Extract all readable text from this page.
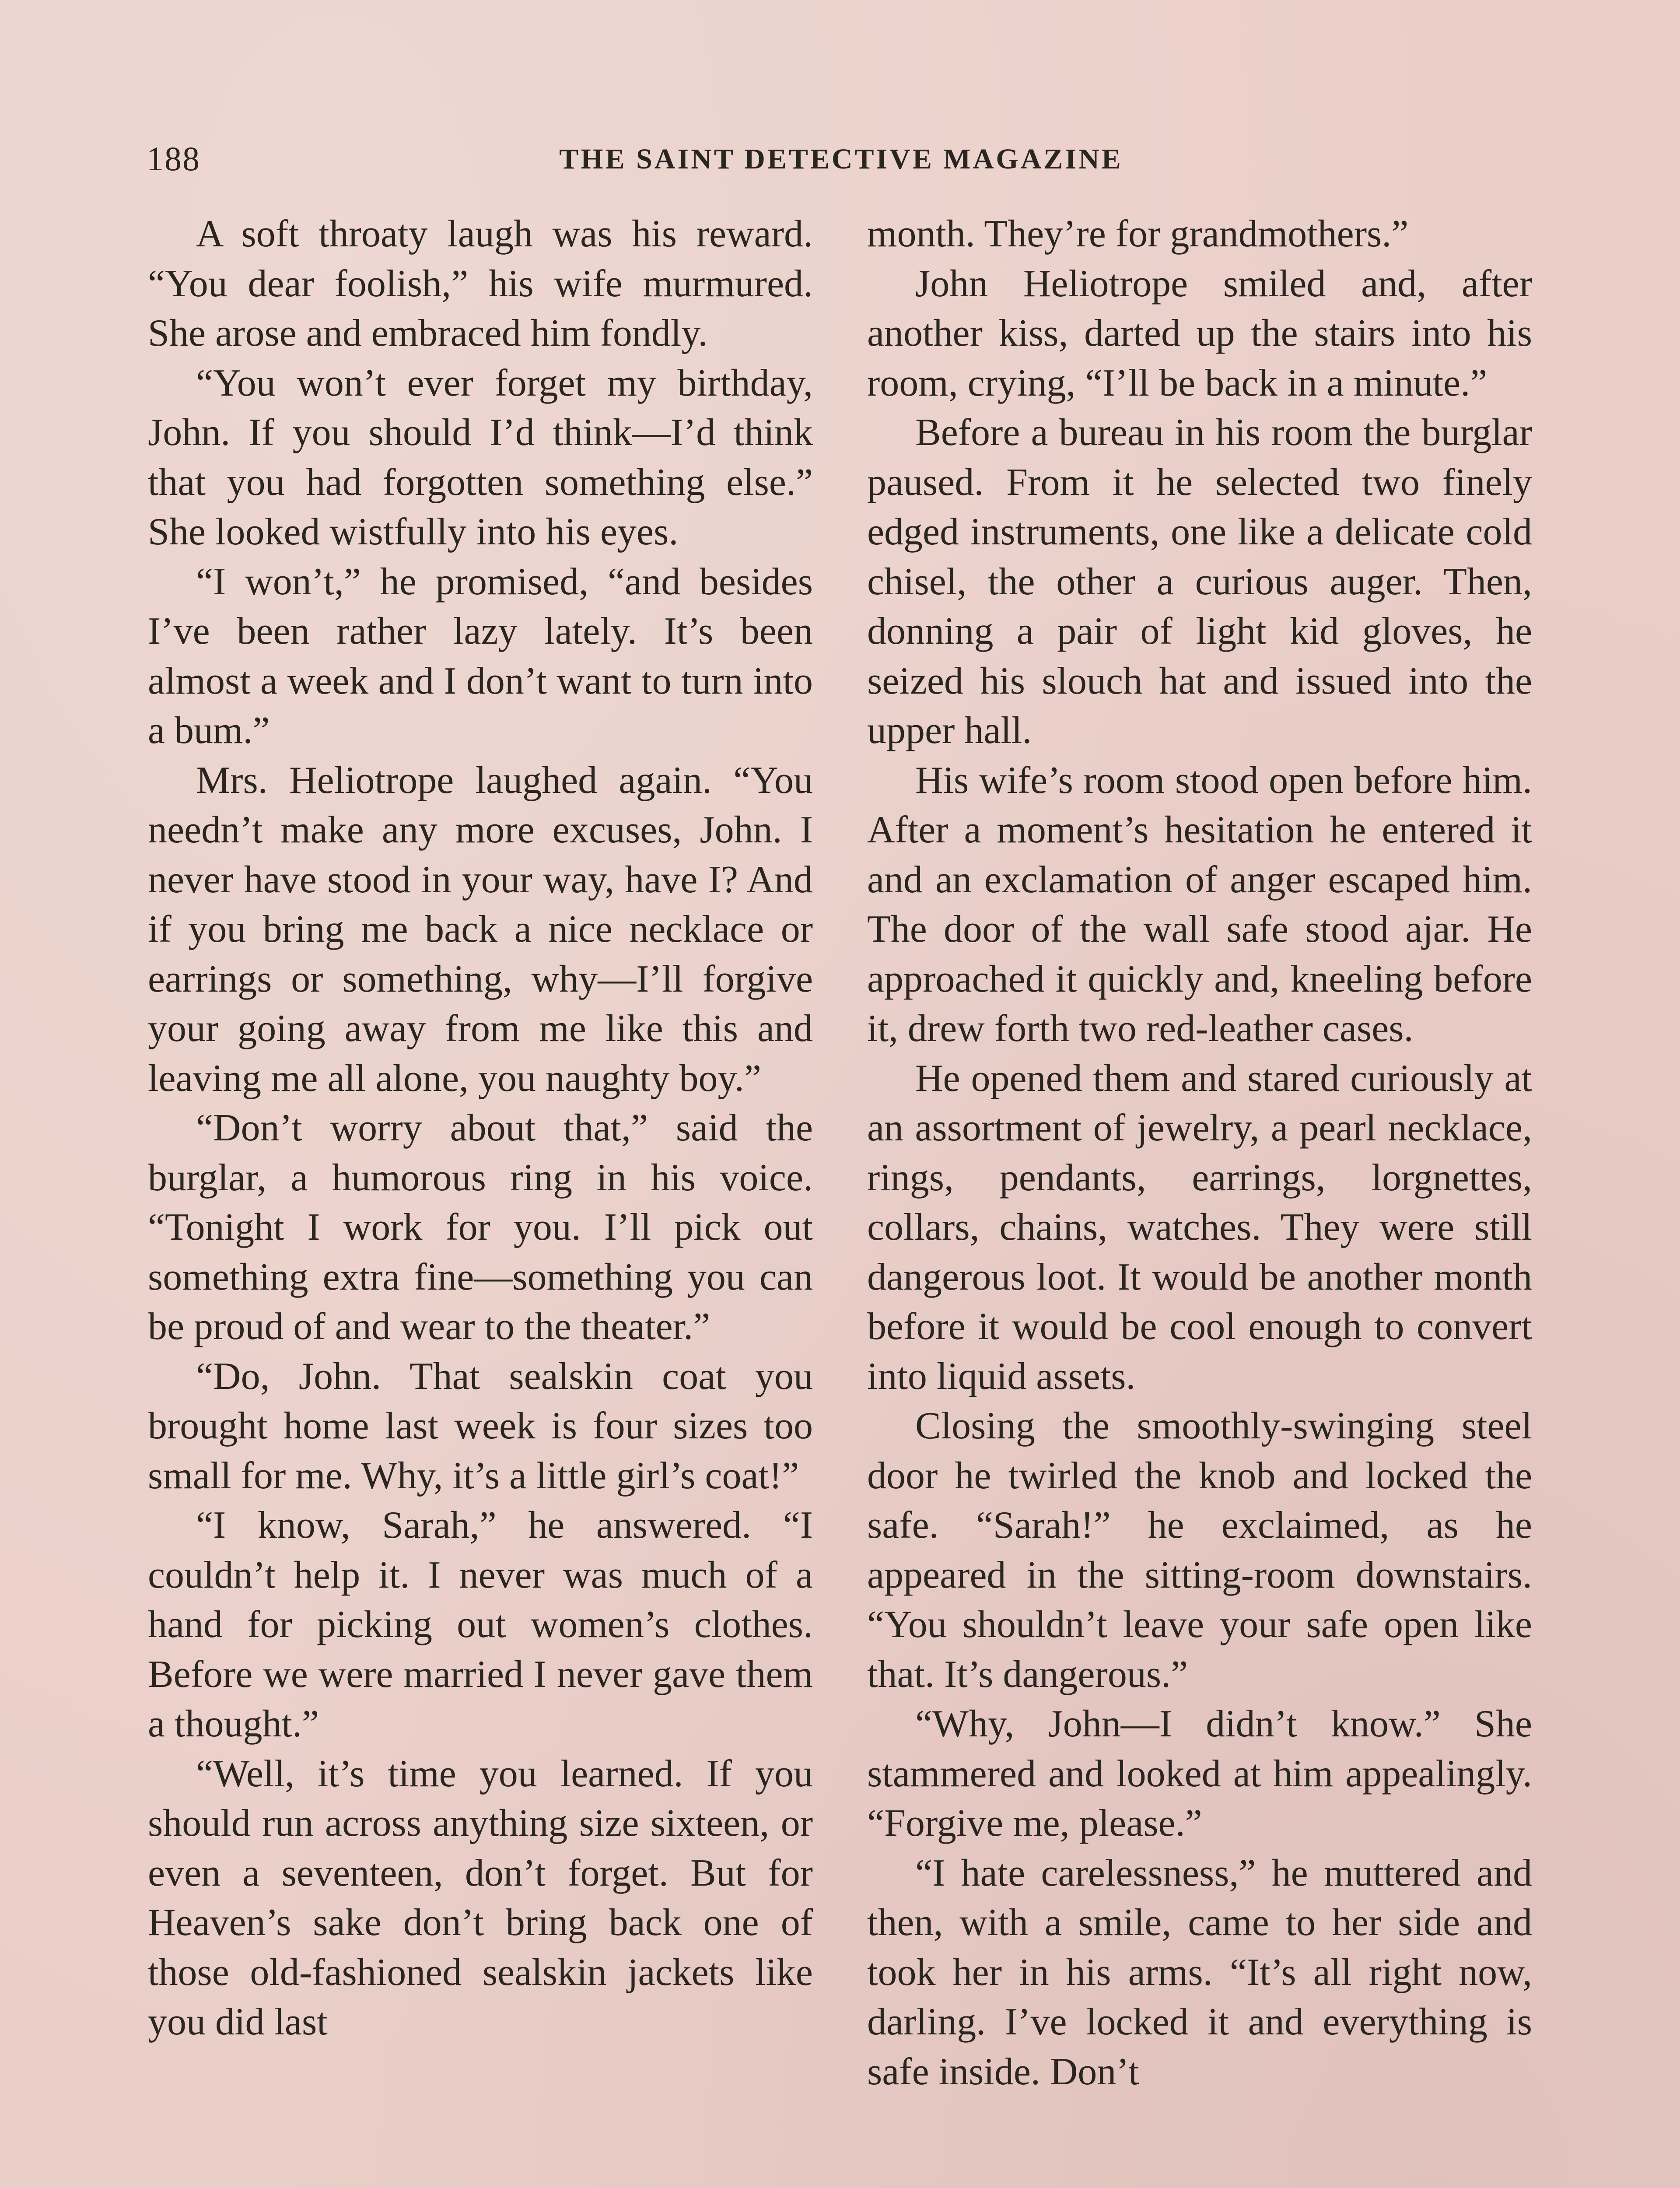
188	THE SAINT DETECTIVE MAGAZINE

A soft throaty laugh was his reward. “You dear foolish,” his wife murmured. She arose and embraced him fondly.

“You won’t ever forget my birthday, John. If you should I’d think—I’d think that you had forgotten something else.” She looked wistfully into his eyes.

“I won’t,” he promised, “and besides I’ve been rather lazy lately. It’s been almost a week and I don’t want to turn into a bum.”

Mrs. Heliotrope laughed again. “You needn’t make any more excuses, John. I never have stood in your way, have I? And if you bring me back a nice necklace or earrings or something, why—I’ll forgive your going away from me like this and leaving me all alone, you naughty boy.”

“Don’t worry about that,” said the burglar, a humorous ring in his voice. “Tonight I work for you. I’ll pick out something extra fine—something you can be proud of and wear to the theater.”

“Do, John. That sealskin coat you brought home last week is four sizes too small for me. Why, it’s a little girl’s coat!”

“I know, Sarah,” he answered. “I couldn’t help it. I never was much of a hand for picking out women’s clothes. Before we were married I never gave them a thought.”

“Well, it’s time you learned. If you should run across anything size sixteen, or even a seventeen, don’t forget. But for Heaven’s sake don’t bring back one of those old-fashioned sealskin jackets like you did last

month. They’re for grandmothers.”

John Heliotrope smiled and, after another kiss, darted up the stairs into his room, crying, “I’ll be back in a minute.”

Before a bureau in his room the burglar paused. From it he selected two finely edged instruments, one like a delicate cold chisel, the other a curious auger. Then, donning a pair of light kid gloves, he seized his slouch hat and issued into the upper hall.

His wife’s room stood open before him. After a moment’s hesitation he entered it and an exclamation of anger escaped him. The door of the wall safe stood ajar. He approached it quickly and, kneeling before it, drew forth two red-leather cases.

He opened them and stared curiously at an assortment of jewelry, a pearl necklace, rings, pendants, earrings, lorgnettes, collars, chains, watches. They were still dangerous loot. It would be another month before it would be cool enough to convert into liquid assets.

Closing the smoothly-swinging steel door he twirled the knob and locked the safe. “Sarah!” he exclaimed, as he appeared in the sitting-room downstairs. “You shouldn’t leave your safe open like that. It’s dangerous.”

“Why, John—I didn’t know.” She stammered and looked at him appealingly. “Forgive me, please.”

“I hate carelessness,” he muttered and then, with a smile, came to her side and took her in his arms. “It’s all right now, darling. I’ve locked it and everything is safe inside. Don’t
